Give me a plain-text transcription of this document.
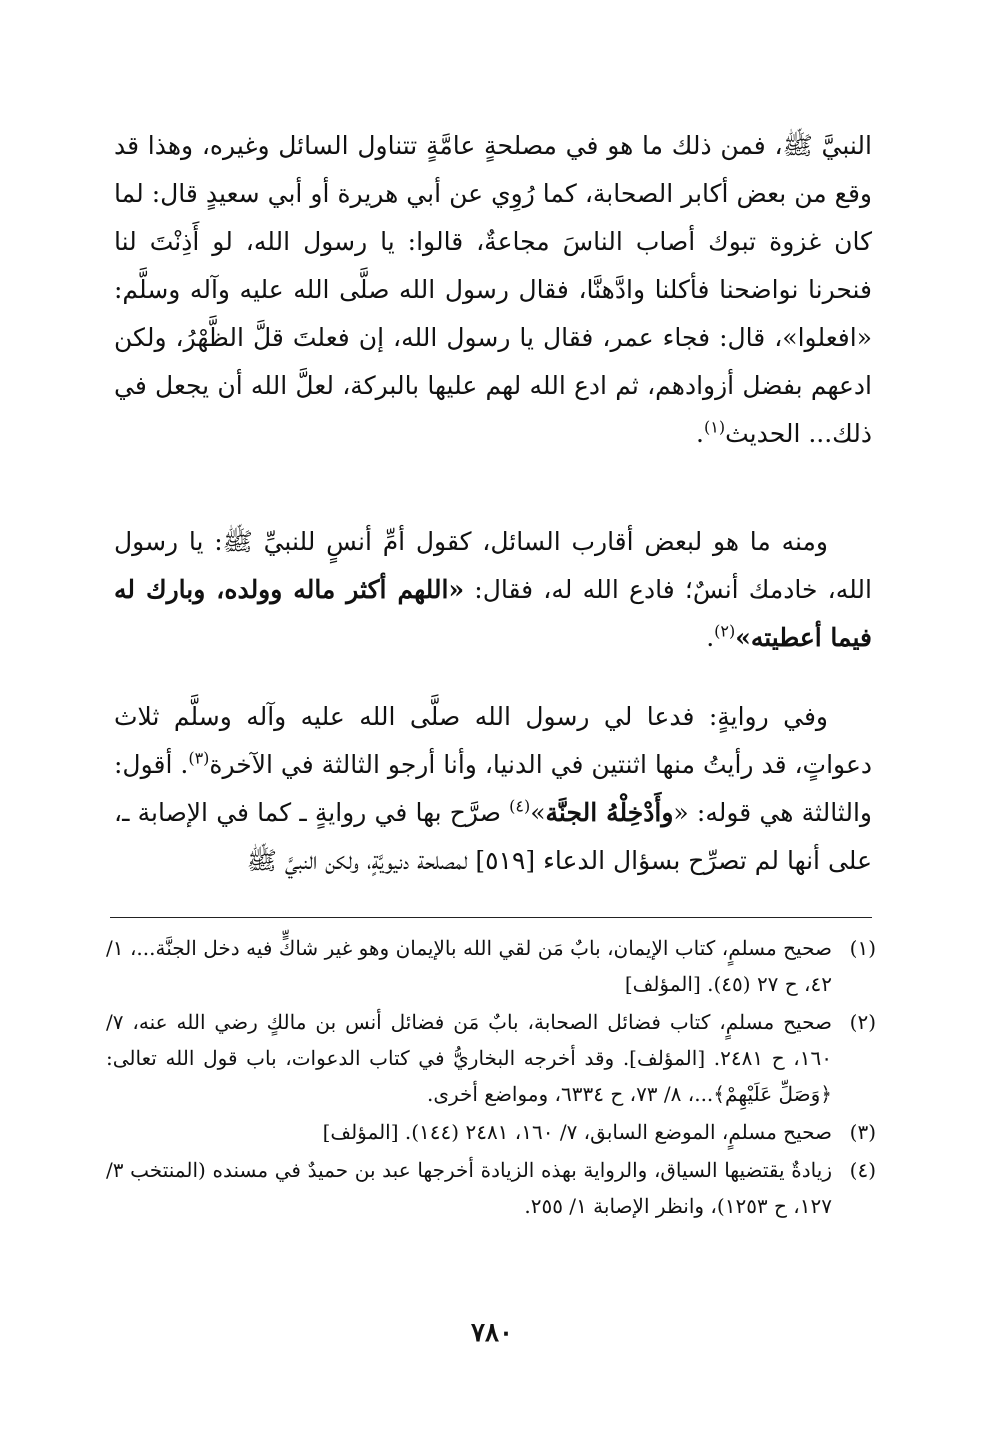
النبيَّ ﷺ، فمن ذلك ما هو في مصلحةٍ عامَّةٍ تتناول السائل وغيره، وهذا قد وقع من بعض أكابر الصحابة، كما رُوِي عن أبي هريرة أو أبي سعيدٍ قال: لما كان غزوة تبوك أصاب الناسَ مجاعةٌ، قالوا: يا رسول الله، لو أَذِنْتَ لنا فنحرنا نواضحنا فأكلنا وادَّهنَّا، فقال رسول الله صلَّى الله عليه وآله وسلَّم: «افعلوا»، قال: فجاء عمر، فقال يا رسول الله، إن فعلتَ قلَّ الظَّهْرُ، ولكن ادعهم بفضل أزوادهم، ثم ادع الله لهم عليها بالبركة، لعلَّ الله أن يجعل في ذلك... الحديث$^{(١)}$.
ومنه ما هو لبعض أقارب السائل، كقول أمِّ أنسٍ للنبيِّ ﷺ: يا رسول الله، خادمك أنسٌ؛ فادع الله له، فقال: «اللهم أكثر ماله وولده، وبارك له فيما أعطيته»$^{(٢)}$.
وفي روايةٍ: فدعا لي رسول الله صلَّى الله عليه وآله وسلَّم ثلاث دعواتٍ، قد رأيتُ منها اثنتين في الدنيا، وأنا أرجو الثالثة في الآخرة$^{(٣)}$. أقول: والثالثة هي قوله: «وأَدْخِلْهُ الجنَّة»$^{(٤)}$ صرَّح بها في روايةٍ ـ كما في الإصابة ـ، على أنها لم تصرِّح بسؤال الدعاء [٥١٩] لمصلحة دنيويَّةٍ، ولكن النبيَّ ﷺ
(١)
صحيح مسلمٍ، كتاب الإيمان، بابٌ مَن لقي الله بالإيمان وهو غير شاكٍّ فيه دخل الجنَّة...، ١/ ٤٢، ح ٢٧ (٤٥). [المؤلف]
(٢)
صحيح مسلمٍ، كتاب فضائل الصحابة، بابٌ مَن فضائل أنس بن مالكٍ رضي الله عنه، ٧/ ١٦٠، ح ٢٤٨١. [المؤلف]. وقد أخرجه البخاريُّ في كتاب الدعوات، باب قول الله تعالى: ﴿وَصَلِّ عَلَيْهِمْ﴾...، ٨/ ٧٣، ح ٦٣٣٤، ومواضع أخرى.
(٣)
صحيح مسلمٍ، الموضع السابق، ٧/ ١٦٠، ٢٤٨١ (١٤٤). [المؤلف]
(٤)
زيادةٌ يقتضيها السياق، والرواية بهذه الزيادة أخرجها عبد بن حميدٌ في مسنده (المنتخب ٣/ ١٢٧، ح ١٢٥٣)، وانظر الإصابة ١/ ٢٥٥.
٧٨٠
